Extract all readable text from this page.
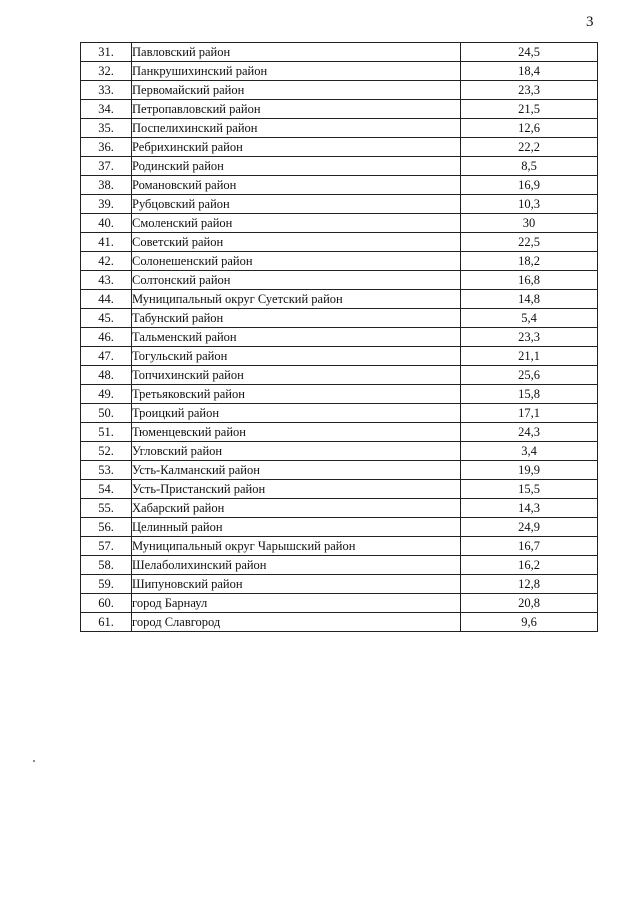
3
31.	Павловский район	24,5
32.	Панкрушихинский район	18,4
33.	Первомайский район	23,3
34.	Петропавловский район	21,5
35.	Поспелихинский район	12,6
36.	Ребрихинский район	22,2
37.	Родинский район	8,5
38.	Романовский район	16,9
39.	Рубцовский район	10,3
40.	Смоленский район	30
41.	Советский район	22,5
42.	Солонешенский район	18,2
43.	Солтонский район	16,8
44.	Муниципальный округ Суетский район	14,8
45.	Табунский район	5,4
46.	Тальменский район	23,3
47.	Тогульский район	21,1
48.	Топчихинский район	25,6
49.	Третьяковский район	15,8
50.	Троицкий район	17,1
51.	Тюменцевский район	24,3
52.	Угловский район	3,4
53.	Усть-Калманский район	19,9
54.	Усть-Пристанский район	15,5
55.	Хабарский район	14,3
56.	Целинный район	24,9
57.	Муниципальный округ Чарышский район	16,7
58.	Шелаболихинский район	16,2
59.	Шипуновский район	12,8
60.	город Барнаул	20,8
61.	город Славгород	9,6
